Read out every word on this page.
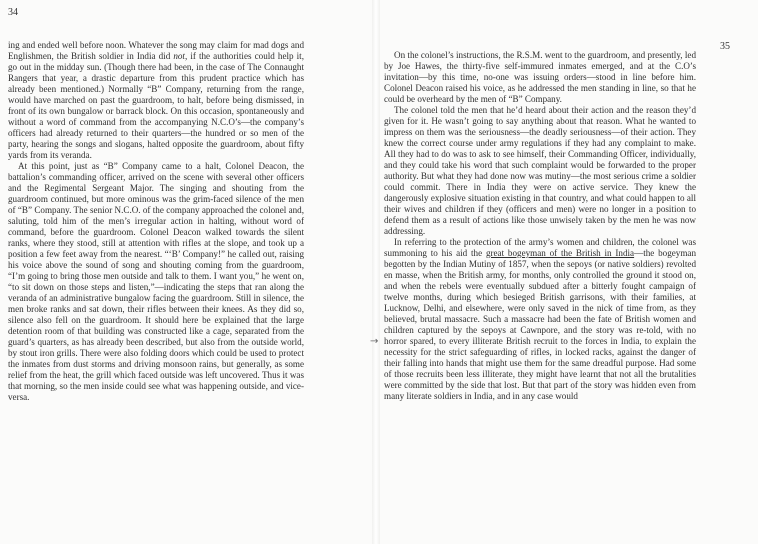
34

ing and ended well before noon. Whatever the song may claim for mad dogs and Englishmen, the British soldier in India did not, if the authorities could help it, go out in the midday sun. (Though there had been, in the case of The Connaught Rangers that year, a drastic departure from this prudent practice which has already been mentioned.) Normally “B” Company, returning from the range, would have marched on past the guardroom, to halt, before being dismissed, in front of its own bungalow or barrack block. On this occasion, spontaneously and without a word of command from the accompanying N.C.O’s—the company’s officers had already returned to their quarters—the hundred or so men of the party, hearing the songs and slogans, halted opposite the guardroom, about fifty yards from its veranda.

At this point, just as “B” Company came to a halt, Colonel Deacon, the battalion’s commanding officer, arrived on the scene with several other officers and the Regimental Sergeant Major. The singing and shouting from the guardroom continued, but more ominous was the grim-faced silence of the men of “B” Company. The senior N.C.O. of the company approached the colonel and, saluting, told him of the men’s irregular action in halting, without word of command, before the guardroom. Colonel Deacon walked towards the silent ranks, where they stood, still at attention with rifles at the slope, and took up a position a few feet away from the nearest. “‘B’ Company!” he called out, raising his voice above the sound of song and shouting coming from the guardroom, “I’m going to bring those men outside and talk to them. I want you,” he went on, “to sit down on those steps and listen,”—indicating the steps that ran along the veranda of an administrative bungalow facing the guardroom. Still in silence, the men broke ranks and sat down, their rifles between their knees. As they did so, silence also fell on the guardroom. It should here be explained that the large detention room of that building was constructed like a cage, separated from the guard’s quarters, as has already been described, but also from the outside world, by stout iron grills. There were also folding doors which could be used to protect the inmates from dust storms and driving monsoon rains, but generally, as some relief from the heat, the grill which faced outside was left uncovered. Thus it was that morning, so the men inside could see what was happening outside, and vice-versa.

35
→

On the colonel’s instructions, the R.S.M. went to the guardroom, and presently, led by Joe Hawes, the thirty-five self-immured inmates emerged, and at the C.O’s invitation—by this time, no-one was issuing orders—stood in line before him. Colonel Deacon raised his voice, as he addressed the men standing in line, so that he could be overheard by the men of “B” Company.

The colonel told the men that he’d heard about their action and the reason they’d given for it. He wasn’t going to say anything about that reason. What he wanted to impress on them was the seriousness—the deadly seriousness—of their action. They knew the correct course under army regulations if they had any complaint to make. All they had to do was to ask to see himself, their Commanding Officer, individually, and they could take his word that such complaint would be forwarded to the proper authority. But what they had done now was mutiny—the most serious crime a soldier could commit. There in India they were on active service. They knew the dangerously explosive situation existing in that country, and what could happen to all their wives and children if they (officers and men) were no longer in a position to defend them as a result of actions like those unwisely taken by the men he was now addressing.

In referring to the protection of the army’s women and children, the colonel was summoning to his aid the great bogeyman of the British in India—the bogeyman begotten by the Indian Mutiny of 1857, when the sepoys (or native soldiers) revolted en masse, when the British army, for months, only controlled the ground it stood on, and when the rebels were eventually subdued after a bitterly fought campaign of twelve months, during which besieged British garrisons, with their families, at Lucknow, Delhi, and elsewhere, were only saved in the nick of time from, as they believed, brutal massacre. Such a massacre had been the fate of British women and children captured by the sepoys at Cawnpore, and the story was re-told, with no horror spared, to every illiterate British recruit to the forces in India, to explain the necessity for the strict safeguarding of rifles, in locked racks, against the danger of their falling into hands that might use them for the same dreadful purpose. Had some of those recruits been less illiterate, they might have learnt that not all the brutalities were committed by the side that lost. But that part of the story was hidden even from many literate soldiers in India, and in any case would
